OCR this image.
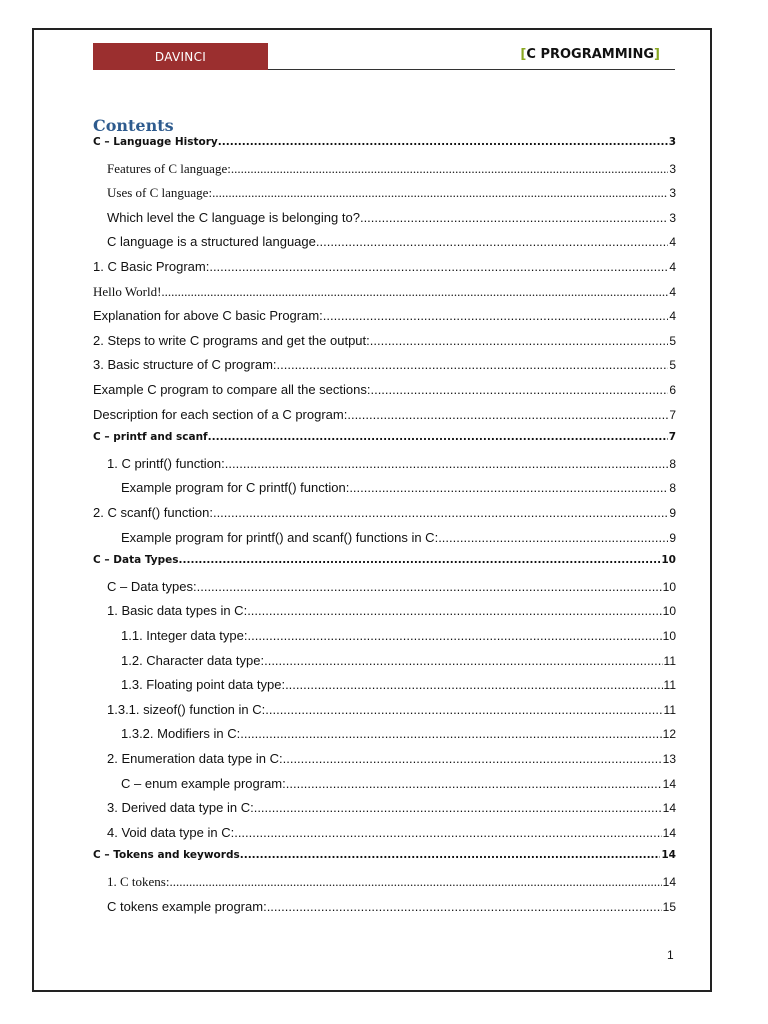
DAVINCI	[C PROGRAMMING]
Contents
C – Language History .....	3
Features of C language: .....	3
Uses of C language: .....	3
Which level the C language is belonging to? .....	3
C language is a structured language .....	4
1. C Basic Program: .....	4
Hello World! .....	4
Explanation for above C basic Program: .....	4
2. Steps to write C programs and get the output: .....	5
3. Basic structure of C program: .....	5
Example C program to compare all the sections: .....	6
Description for each section of a C program: .....	7
C – printf and scanf .....	7
1. C printf() function: .....	8
Example program for C printf() function: .....	8
2. C scanf() function: .....	9
Example program for printf() and scanf() functions in C: .....	9
C – Data Types .....	10
C – Data types: .....	10
1. Basic data types in C: .....	10
1.1. Integer data type: .....	10
1.2. Character data type: .....	11
1.3. Floating point data type: .....	11
1.3.1. sizeof() function in C: .....	11
1.3.2. Modifiers in C: .....	12
2. Enumeration data type in C: .....	13
C – enum example program: .....	14
3. Derived data type in C: .....	14
4. Void data type in C: .....	14
C – Tokens and keywords .....	14
1. C tokens: .....	14
C tokens example program: .....	15
1
